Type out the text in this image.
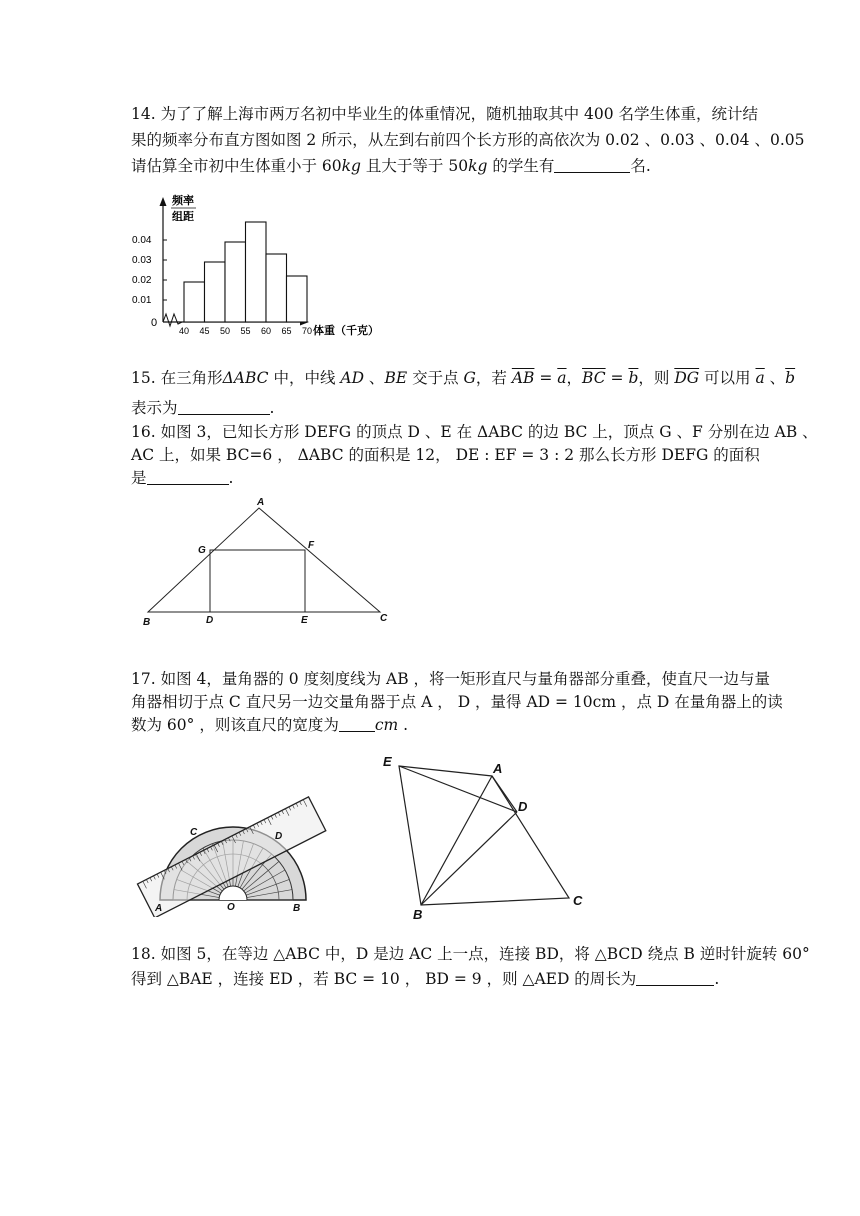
14. 为了了解上海市两万名初中毕业生的体重情况，随机抽取其中 400 名学生体重，统计结
果的频率分布直方图如图 2 所示，从左到右前四个长方形的高依次为 0.02 、0.03 、0.04 、0.05
请估算全市初中生体重小于 60kg 且大于等于 50kg 的学生有	名.
0.04
0.03
0.02
0.01
0
频率
组距
40 45 50 55 60 65 70 体重（千克）
15. 在三角形ΔABC 中，中线 AD 、BE 交于点 G，若 $\overline{AB} = \overline{a}$，$\overline{BC} = \overline{b}$，则 $\overline{DG}$ 可以用 $\overline{a}$ 、$\overline{b}$
表示为	.
16. 如图 3，已知长方形 DEFG 的顶点 D 、E 在 ΔABC 的边 BC 上，顶点 G 、F 分别在边 AB 、
AC 上，如果 BC=6 ， ΔABC 的面积是 12， DE : EF = 3 : 2 那么长方形 DEFG 的面积
是	.
A
B	C
D	E
F
G
17. 如图 4，量角器的 0 度刻度线为 AB ，将一矩形直尺与量角器部分重叠，使直尺一边与量
角器相切于点 C 直尺另一边交量角器于点 A ， D ，量得 AD = 10cm ，点 D 在量角器上的读
数为 60° ，则该直尺的宽度为 cm .
A	O	B
C	D
E	A
D
C
B
18. 如图 5，在等边 △ABC 中，D 是边 AC 上一点，连接 BD，将 △BCD 绕点 B 逆时针旋转 60°
得到 △BAE ，连接 ED ，若 BC = 10 ， BD = 9 ，则 △AED 的周长为	.
